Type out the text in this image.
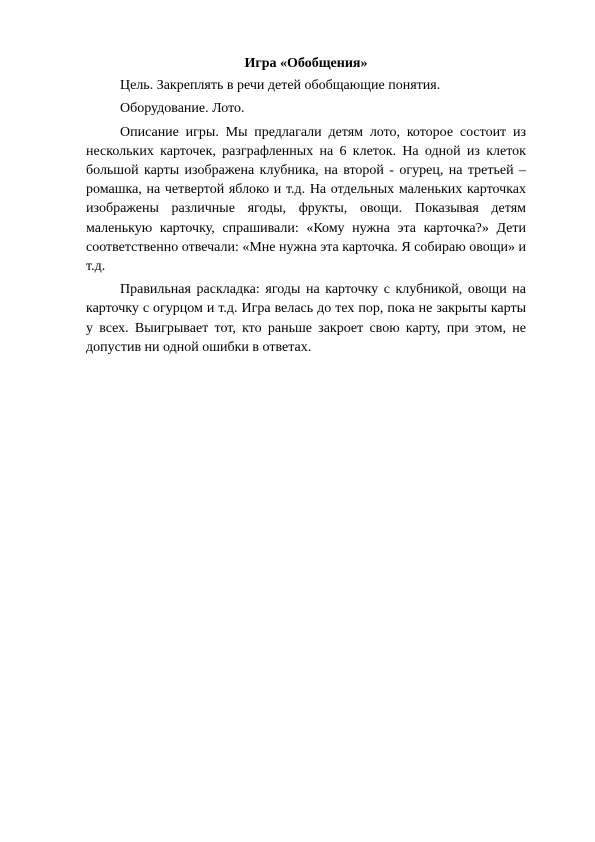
Игра «Обобщения»

Цель. Закреплять в речи детей обобщающие понятия.

Оборудование. Лото.

Описание игры. Мы предлагали детям лото, которое состоит из нескольких карточек, разграфленных на 6 клеток. На одной из клеток большой карты изображена клубника, на второй - огурец, на третьей – ромашка, на четвертой яблоко и т.д. На отдельных маленьких карточках изображены различные ягоды, фрукты, овощи. Показывая детям маленькую карточку, спрашивали: «Кому нужна эта карточка?» Дети соответственно отвечали: «Мне нужна эта карточка. Я собираю овощи» и т.д.

Правильная раскладка: ягоды на карточку с клубникой, овощи на карточку с огурцом и т.д. Игра велась до тех пор, пока не закрыты карты у всех. Выигрывает тот, кто раньше закроет свою карту, при этом, не допустив ни одной ошибки в ответах.
